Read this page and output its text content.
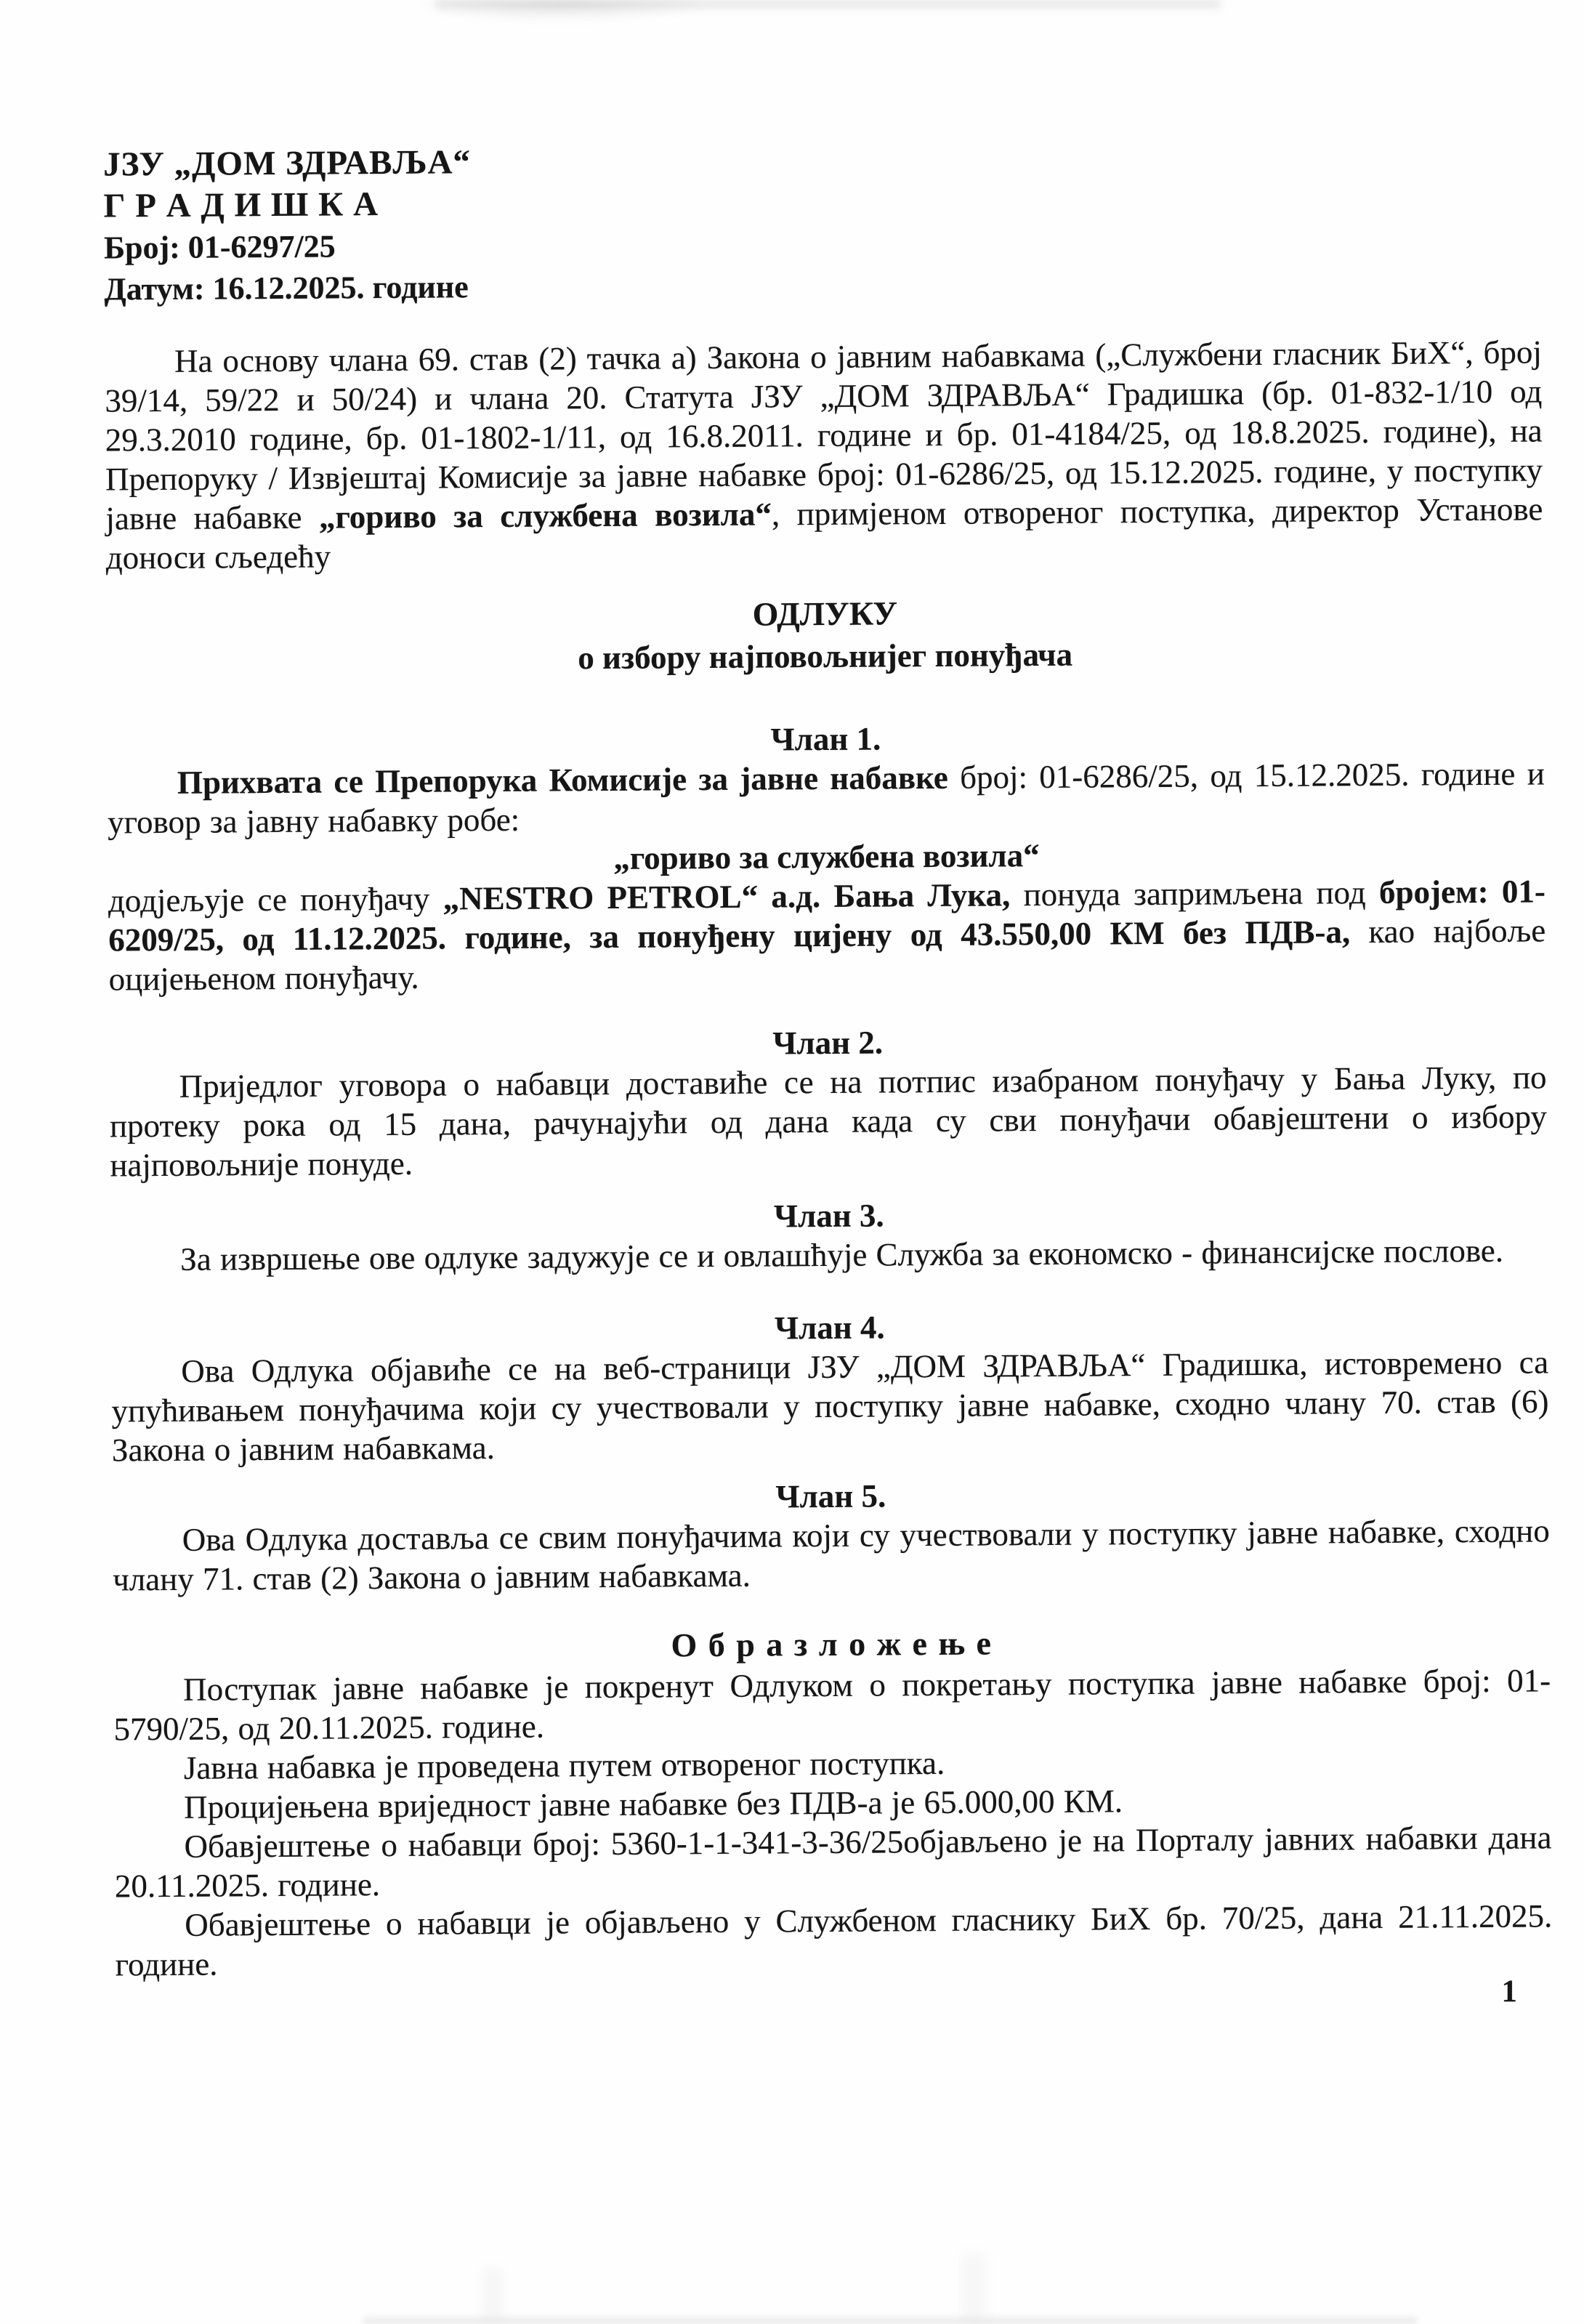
ЈЗУ „ДОМ ЗДРАВЉА“
Г Р А Д И Ш К А
Број: 01-6297/25
Датум: 16.12.2025. године

На основу члана 69. став (2) тачка а) Закона о јавним набавкама („Службени гласник БиХ“, број 39/14, 59/22 и 50/24) и члана 20. Статута ЈЗУ „ДОМ ЗДРАВЉА“ Градишка (бр. 01-832-1/10 од 29.3.2010 године, бр. 01-1802-1/11, од 16.8.2011. године и бр. 01-4184/25, од 18.8.2025. године), на Препоруку / Извјештај Комисије за јавне набавке број: 01-6286/25, од 15.12.2025. године, у поступку јавне набавке „гориво за службена возила“, примјеном отвореног поступка, директор Установе доноси сљедећу

ОДЛУКУ
о избору најповољнијег понуђача
Члан 1.

Прихвата се Препорука Комисије за јавне набавке број: 01-6286/25, од 15.12.2025. године и уговор за јавну набавку робе:

„гориво за службена возила“

додјељује се понуђачу „NESTRO PETROL“ а.д. Бања Лука, понуда запримљена под бројем: 01-6209/25, од 11.12.2025. године, за понуђену цијену од 43.550,00 КМ без ПДВ-а, као најбоље оцијењеном понуђачу.

Члан 2.

Приједлог уговора о набавци доставиће се на потпис изабраном понуђачу у Бања Луку, по протеку рока од 15 дана, рачунајући од дана када су сви понуђачи обавјештени о избору најповољније понуде.

Члан 3.

За извршење ове одлуке задужује се и овлашћује Служба за економско - финансијске послове.

Члан 4.

Ова Одлука објавиће се на веб-страници ЈЗУ „ДОМ ЗДРАВЉА“ Градишка, истовремено са упућивањем понуђачима који су учествовали у поступку јавне набавке, сходно члану 70. став (6) Закона о јавним набавкама.

Члан 5.

Ова Одлука доставља се свим понуђачима који су учествовали у поступку јавне набавке, сходно члану 71. став (2) Закона о јавним набавкама.

О б р а з л о ж е њ е

Поступак јавне набавке је покренут Одлуком о покретању поступка јавне набавке број: 01-5790/25, од 20.11.2025. године.

Јавна набавка је проведена путем отвореног поступка.

Процијењена вриједност јавне набавке без ПДВ-а је 65.000,00 КМ.

Обавјештење о набавци број: 5360-1-1-341-3-36/25објављено је на Порталу јавних набавки дана 20.11.2025. године.

Обавјештење о набавци је објављено у Службеном гласнику БиХ бр. 70/25, дана 21.11.2025. године.

1
